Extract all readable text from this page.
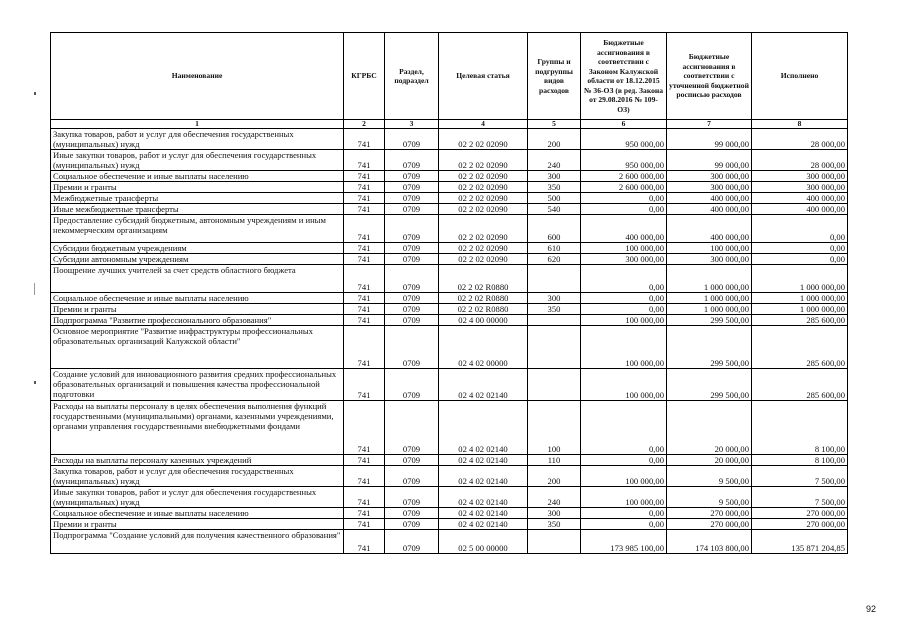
Наименование	КГРБС	Раздел, подраздел	Целевая статья	Группы и подгруппы видов расходов	Бюджетные ассигнования в соответствии с Законом Калужской области от 18.12.2015 № 36-ОЗ (в ред. Закона от 29.08.2016 № 109-ОЗ)	Бюджетные ассигнования в соответствии с уточненной бюджетной росписью расходов	Исполнено
1	2	3	4	5	6	7	8
Закупка товаров, работ и услуг для обеспечения государственных (муниципальных) нужд	741	0709	02 2 02 02090	200	950 000,00	99 000,00	28 000,00
Иные закупки товаров, работ и услуг для обеспечения государственных (муниципальных) нужд	741	0709	02 2 02 02090	240	950 000,00	99 000,00	28 000,00
Социальное обеспечение и иные выплаты населению	741	0709	02 2 02 02090	300	2 600 000,00	300 000,00	300 000,00
Премии и гранты	741	0709	02 2 02 02090	350	2 600 000,00	300 000,00	300 000,00
Межбюджетные трансферты	741	0709	02 2 02 02090	500	0,00	400 000,00	400 000,00
Иные межбюджетные трансферты	741	0709	02 2 02 02090	540	0,00	400 000,00	400 000,00
Предоставление субсидий бюджетным, автономным учреждениям и иным некоммерческим организациям	741	0709	02 2 02 02090	600	400 000,00	400 000,00	0,00
Субсидии бюджетным учреждениям	741	0709	02 2 02 02090	610	100 000,00	100 000,00	0,00
Субсидии автономным учреждениям	741	0709	02 2 02 02090	620	300 000,00	300 000,00	0,00
Поощрение лучших учителей за счет средств областного бюджета	741	0709	02 2 02 R0880		0,00	1 000 000,00	1 000 000,00
Социальное обеспечение и иные выплаты населению	741	0709	02 2 02 R0880	300	0,00	1 000 000,00	1 000 000,00
Премии и гранты	741	0709	02 2 02 R0880	350	0,00	1 000 000,00	1 000 000,00
Подпрограмма "Развитие профессионального образования"	741	0709	02 4 00 00000		100 000,00	299 500,00	285 600,00
Основное мероприятие "Развитие инфраструктуры профессиональных образовательных организаций Калужской области"	741	0709	02 4 02 00000		100 000,00	299 500,00	285 600,00
Создание условий для инновационного развития средних профессиональных образовательных организаций и повышения качества профессиональной подготовки	741	0709	02 4 02 02140		100 000,00	299 500,00	285 600,00
Расходы на выплаты персоналу в целях обеспечения выполнения функций государственными (муниципальными) органами, казенными учреждениями, органами управления государственными внебюджетными фондами	741	0709	02 4 02 02140	100	0,00	20 000,00	8 100,00
Расходы на выплаты персоналу казенных учреждений	741	0709	02 4 02 02140	110	0,00	20 000,00	8 100,00
Закупка товаров, работ и услуг для обеспечения государственных (муниципальных) нужд	741	0709	02 4 02 02140	200	100 000,00	9 500,00	7 500,00
Иные закупки товаров, работ и услуг для обеспечения государственных (муниципальных) нужд	741	0709	02 4 02 02140	240	100 000,00	9 500,00	7 500,00
Социальное обеспечение и иные выплаты населению	741	0709	02 4 02 02140	300	0,00	270 000,00	270 000,00
Премии и гранты	741	0709	02 4 02 02140	350	0,00	270 000,00	270 000,00
Подпрограмма "Создание условий для получения качественного образования"	741	0709	02 5 00 00000		173 985 100,00	174 103 800,00	135 871 204,85
92
